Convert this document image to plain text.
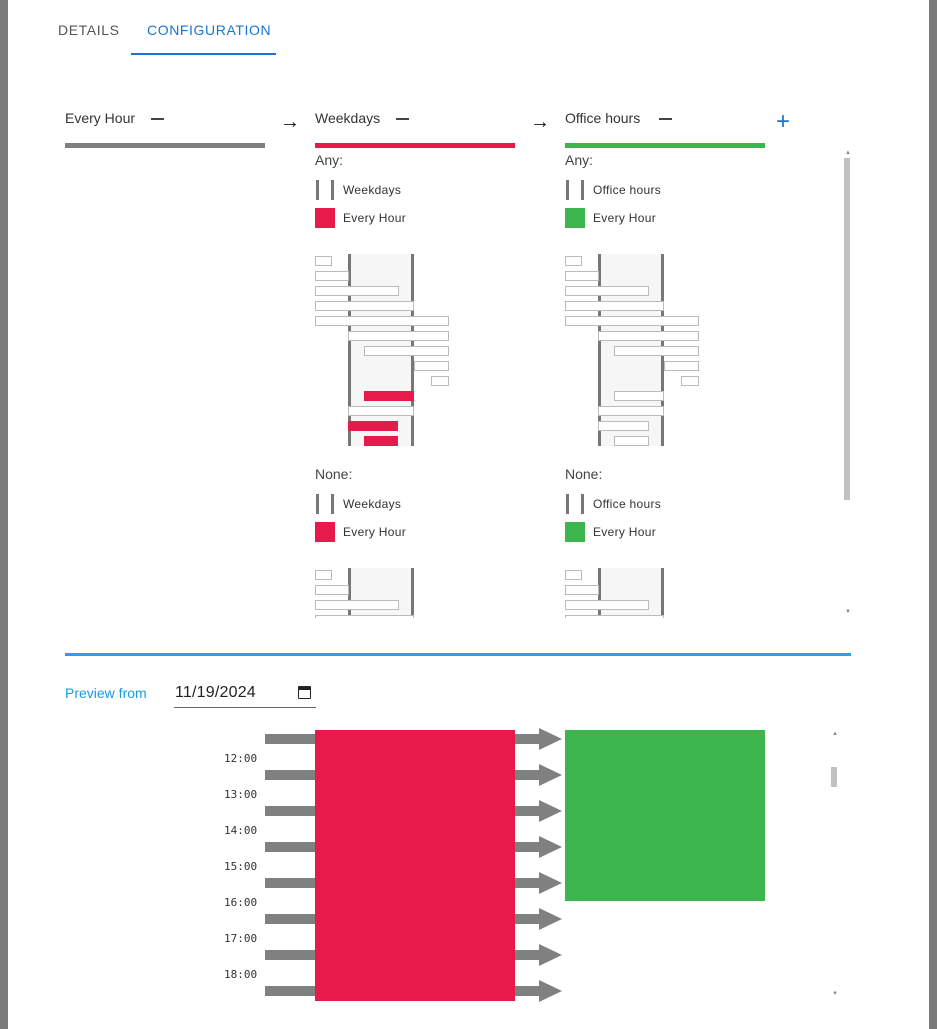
DETAILS CONFIGURATION
Every Hour	→ Weekdays	→ Office hours	+
Any:
Weekdays
Every Hour
None:
Weekdays
Every Hour
Any:
Office hours
Every Hour
None:
Office hours
Every Hour
▲
▼
Preview from 11/19/2024
12:00
13:00
14:00
15:00
16:00
17:00
18:00
▲
▼
